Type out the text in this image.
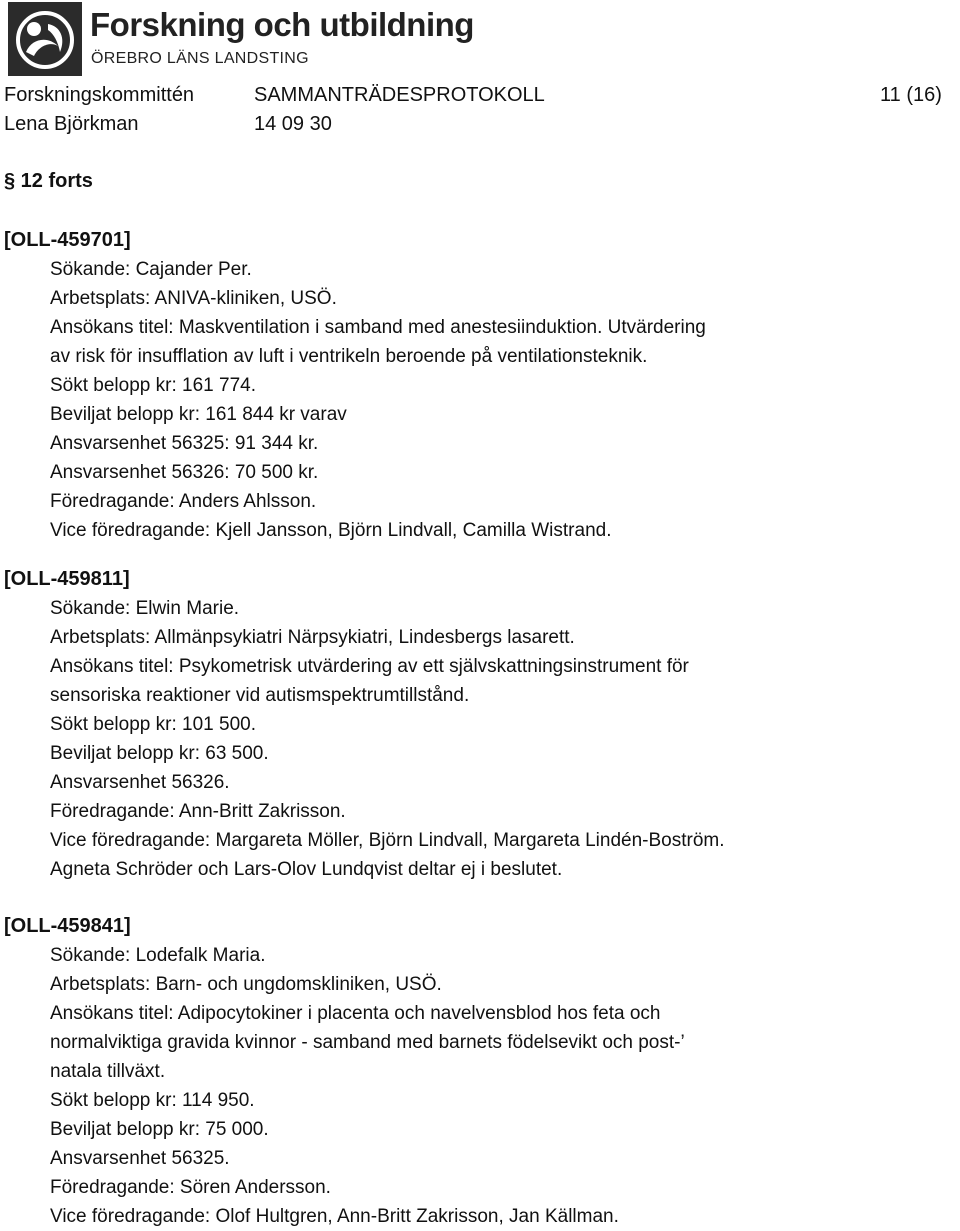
Forskning och utbildning
ÖREBRO LÄNS LANDSTING
Forskningskommittén	SAMMANTRÄDESPROTOKOLL	11 (16)
Lena Björkman	14 09 30
§ 12 forts
[OLL-459701]
Sökande: Cajander Per.
Arbetsplats: ANIVA-kliniken, USÖ.
Ansökans titel: Maskventilation i samband med anestesiinduktion. Utvärdering
av risk för insufflation av luft i ventrikeln beroende på ventilationsteknik.
Sökt belopp kr: 161 774.
Beviljat belopp kr: 161 844 kr varav
Ansvarsenhet 56325: 91 344 kr.
Ansvarsenhet 56326: 70 500 kr.
Föredragande: Anders Ahlsson.
Vice föredragande: Kjell Jansson, Björn Lindvall, Camilla Wistrand.
[OLL-459811]
Sökande: Elwin Marie.
Arbetsplats: Allmänpsykiatri Närpsykiatri, Lindesbergs lasarett.
Ansökans titel: Psykometrisk utvärdering av ett självskattningsinstrument för
sensoriska reaktioner vid autismspektrumtillstånd.
Sökt belopp kr: 101 500.
Beviljat belopp kr: 63 500.
Ansvarsenhet 56326.
Föredragande: Ann-Britt Zakrisson.
Vice föredragande: Margareta Möller, Björn Lindvall, Margareta Lindén-Boström.
Agneta Schröder och Lars-Olov Lundqvist deltar ej i beslutet.
[OLL-459841]
Sökande: Lodefalk Maria.
Arbetsplats: Barn- och ungdomskliniken, USÖ.
Ansökans titel: Adipocytokiner i placenta och navelvensblod hos feta och
normalviktiga gravida kvinnor - samband med barnets födelsevikt och post-’
natala tillväxt.
Sökt belopp kr: 114 950.
Beviljat belopp kr: 75 000.
Ansvarsenhet 56325.
Föredragande: Sören Andersson.
Vice föredragande: Olof Hultgren, Ann-Britt Zakrisson, Jan Källman.
